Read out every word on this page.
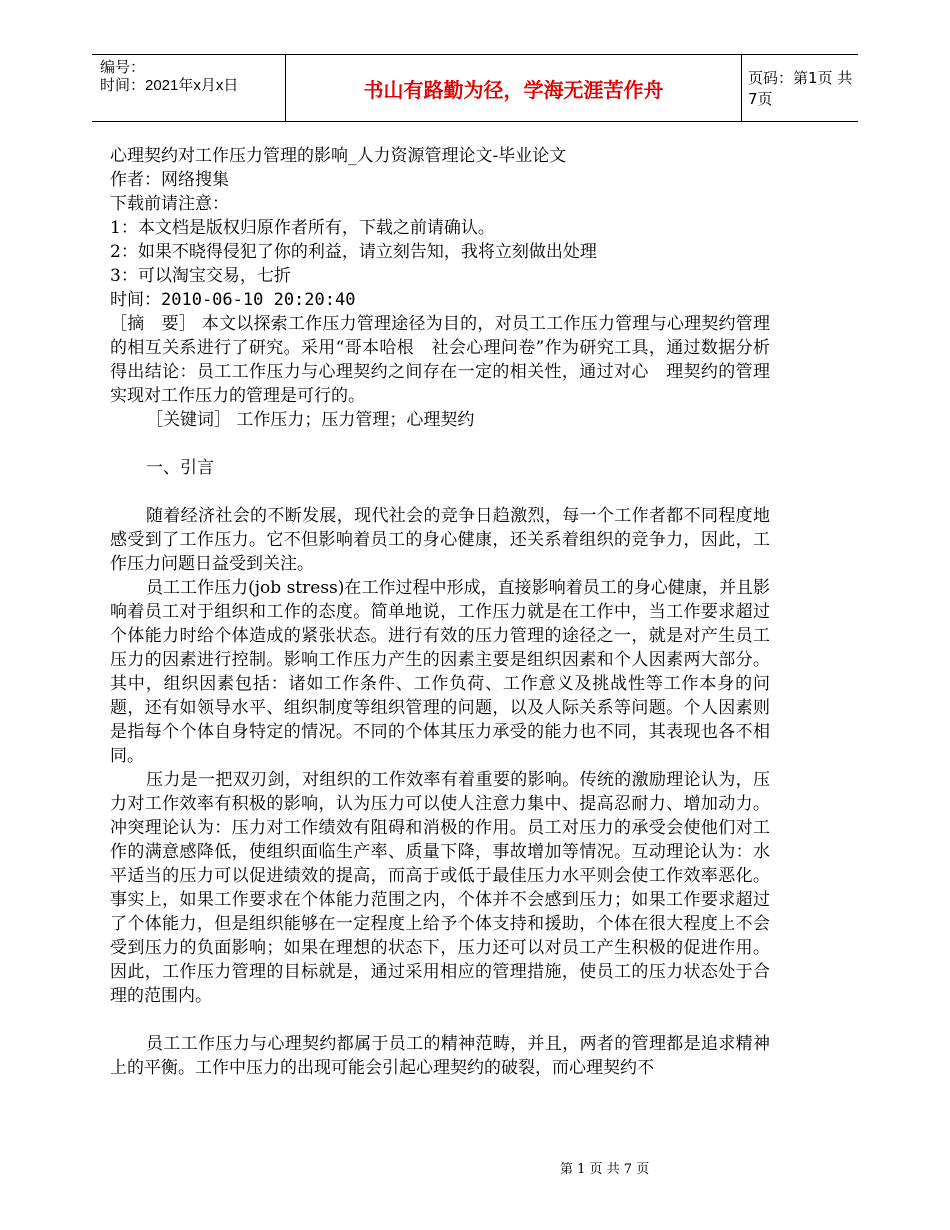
编号：
时间：2021年x月x日	书山有路勤为径，学海无涯苦作舟	页码：第1页 共7页
心理契约对工作压力管理的影响_人力资源管理论文-毕业论文
作者：网络搜集
下载前请注意：
1：本文档是版权归原作者所有，下载之前请确认。
2：如果不晓得侵犯了你的利益，请立刻告知，我将立刻做出处理
3：可以淘宝交易，七折
时间：2010-06-10 20:20:40

［摘　要］ 本文以探索工作压力管理途径为目的，对员工工作压力管理与心理契约管理的相互关系进行了研究。采用“哥本哈根　社会心理问卷”作为研究工具，通过数据分析得出结论：员工工作压力与心理契约之间存在一定的相关性，通过对心　理契约的管理实现对工作压力的管理是可行的。

［关键词］ 工作压力；压力管理；心理契约
一、引言

随着经济社会的不断发展，现代社会的竞争日趋激烈，每一个工作者都不同程度地感受到了工作压力。它不但影响着员工的身心健康，还关系着组织的竞争力，因此，工作压力问题日益受到关注。

员工工作压力(job stress)在工作过程中形成，直接影响着员工的身心健康，并且影响着员工对于组织和工作的态度。简单地说，工作压力就是在工作中，当工作要求超过个体能力时给个体造成的紧张状态。进行有效的压力管理的途径之一，就是对产生员工压力的因素进行控制。影响工作压力产生的因素主要是组织因素和个人因素两大部分。其中，组织因素包括：诸如工作条件、工作负荷、工作意义及挑战性等工作本身的问题，还有如领导水平、组织制度等组织管理的问题，以及人际关系等问题。个人因素则是指每个个体自身特定的情况。不同的个体其压力承受的能力也不同，其表现也各不相同。

压力是一把双刃剑，对组织的工作效率有着重要的影响。传统的激励理论认为，压力对工作效率有积极的影响，认为压力可以使人注意力集中、提高忍耐力、增加动力。冲突理论认为：压力对工作绩效有阻碍和消极的作用。员工对压力的承受会使他们对工作的满意感降低，使组织面临生产率、质量下降，事故增加等情况。互动理论认为：水平适当的压力可以促进绩效的提高，而高于或低于最佳压力水平则会使工作效率恶化。事实上，如果工作要求在个体能力范围之内，个体并不会感到压力；如果工作要求超过了个体能力，但是组织能够在一定程度上给予个体支持和援助，个体在很大程度上不会受到压力的负面影响；如果在理想的状态下，压力还可以对员工产生积极的促进作用。因此，工作压力管理的目标就是，通过采用相应的管理措施，使员工的压力状态处于合理的范围内。

员工工作压力与心理契约都属于员工的精神范畴，并且，两者的管理都是追求精神上的平衡。工作中压力的出现可能会引起心理契约的破裂，而心理契约不

第 1 页 共 7 页
